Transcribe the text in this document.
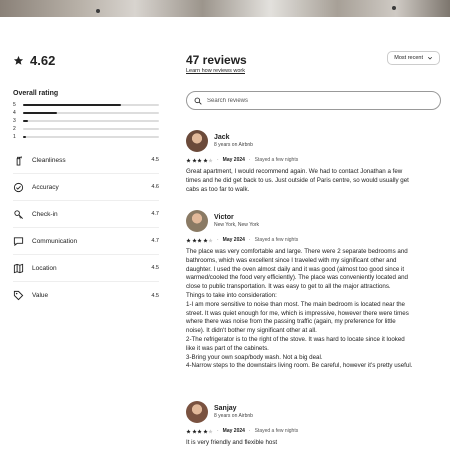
4.62
Overall rating
5
4
3
2
1
Cleanliness	4.5
Accuracy	4.6
Check-in	4.7
Communication	4.7
Location	4.5
Value	4.5
47 reviews
Learn how reviews work
Most recent
Search reviews
Jack
8 years on Airbnb
· May 2024 · Stayed a few nights
Great apartment, I would recommend again. We had to contact Jonathan a few
times and he did get back to us. Just outside of Paris centre, so would usually get
cabs as too far to walk.
Victor
New York, New York
· May 2024 · Stayed a few nights
The place was very comfortable and large. There were 2 separate bedrooms and
bathrooms, which was excellent since I traveled with my significant other and
daughter. I used the oven almost daily and it was good (almost too good since it
warmed/cooled the food very efficiently). The place was conveniently located and
close to public transportation. It was easy to get to all the major attractions.
Things to take into consideration:
1-I am more sensitive to noise than most. The main bedroom is located near the
street. It was quiet enough for me, which is impressive, however there were times
where there was noise from the passing traffic (again, my preference for little
noise). It didn't bother my significant other at all.
2-The refrigerator is to the right of the stove. It was hard to locate since it looked
like it was part of the cabinets.
3-Bring your own soap/body wash. Not a big deal.
4-Narrow steps to the downstairs living room. Be careful, however it's pretty useful.
Sanjay
8 years on Airbnb
· May 2024 · Stayed a few nights
It is very friendly and flexible host
